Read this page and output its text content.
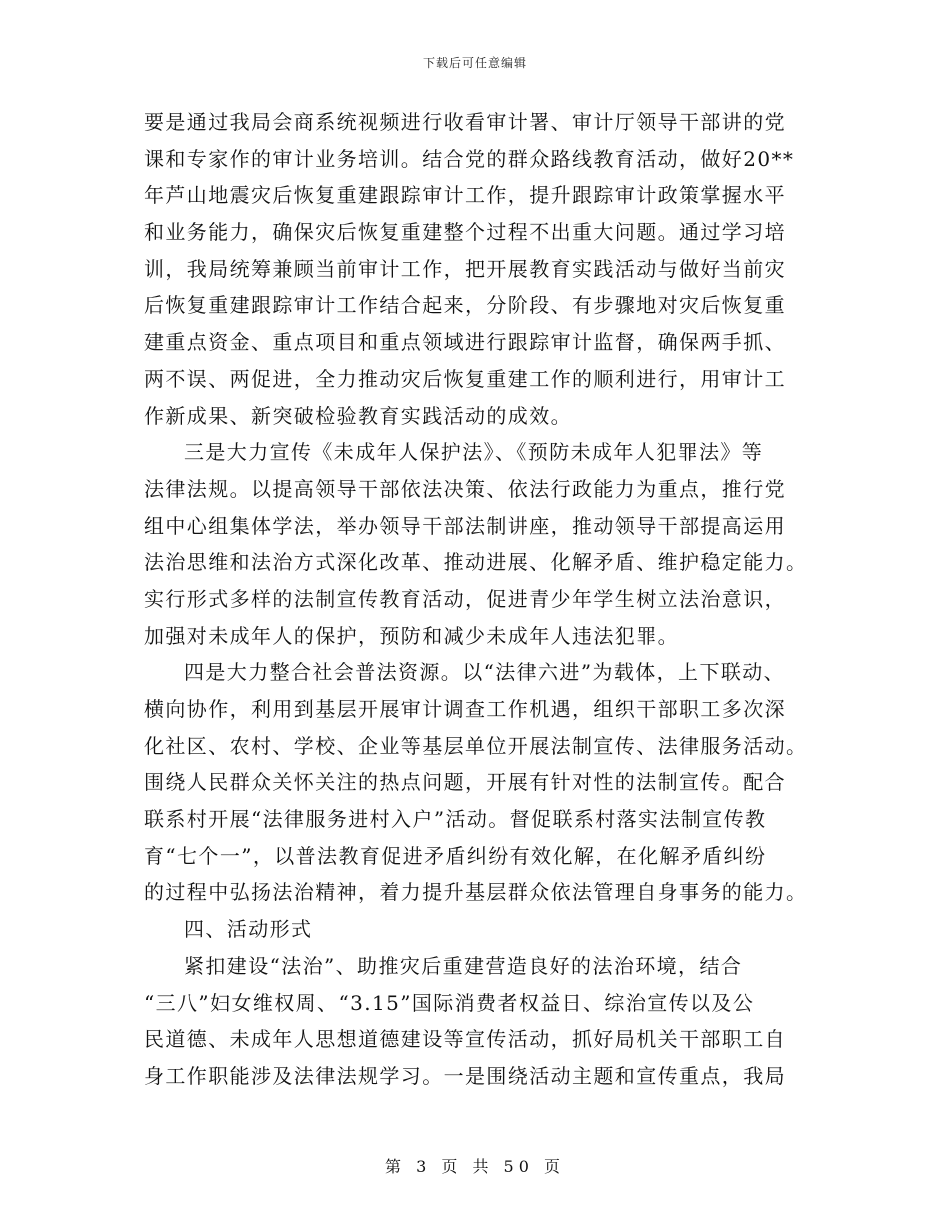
下载后可任意编辑
要是通过我局会商系统视频进行收看审计署、审计厅领导干部讲的党
课和专家作的审计业务培训。结合党的群众路线教育活动，做好20**
年芦山地震灾后恢复重建跟踪审计工作，提升跟踪审计政策掌握水平
和业务能力，确保灾后恢复重建整个过程不出重大问题。通过学习培
训，我局统筹兼顾当前审计工作，把开展教育实践活动与做好当前灾
后恢复重建跟踪审计工作结合起来，分阶段、有步骤地对灾后恢复重
建重点资金、重点项目和重点领域进行跟踪审计监督，确保两手抓、
两不误、两促进，全力推动灾后恢复重建工作的顺利进行，用审计工
作新成果、新突破检验教育实践活动的成效。
三是大力宣传《未成年人保护法》、《预防未成年人犯罪法》等
法律法规。以提高领导干部依法决策、依法行政能力为重点，推行党
组中心组集体学法，举办领导干部法制讲座，推动领导干部提高运用
法治思维和法治方式深化改革、推动进展、化解矛盾、维护稳定能力。
实行形式多样的法制宣传教育活动，促进青少年学生树立法治意识，
加强对未成年人的保护，预防和减少未成年人违法犯罪。
四是大力整合社会普法资源。以“法律六进”为载体，上下联动、
横向协作，利用到基层开展审计调查工作机遇，组织干部职工多次深
化社区、农村、学校、企业等基层单位开展法制宣传、法律服务活动。
围绕人民群众关怀关注的热点问题，开展有针对性的法制宣传。配合
联系村开展“法律服务进村入户”活动。督促联系村落实法制宣传教
育“七个一”，以普法教育促进矛盾纠纷有效化解，在化解矛盾纠纷
的过程中弘扬法治精神，着力提升基层群众依法管理自身事务的能力。
四、活动形式
紧扣建设“法治”、助推灾后重建营造良好的法治环境，结合
“三八”妇女维权周、“3.15”国际消费者权益日、综治宣传以及公
民道德、未成年人思想道德建设等宣传活动，抓好局机关干部职工自
身工作职能涉及法律法规学习。一是围绕活动主题和宣传重点，我局
第 3 页 共 50 页
